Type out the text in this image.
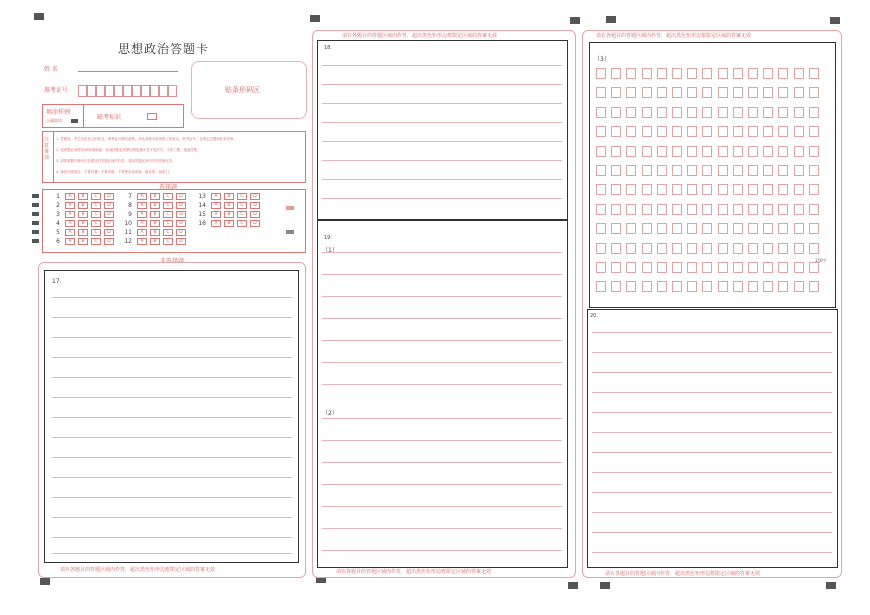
思想政治答题卡
姓 名
准考证号	贴条形码区
填涂样例
正确填涂	缺考标识
注意事项
1. 答题前，考生先将自己的姓名、准考证号填写清楚，并认真核对条形码上的姓名、准考证号，在规定位置贴好条形码。
2. 选择题必须使用2B铅笔填涂；非选择题必须使用黑色墨水签字笔书写，字体工整、笔迹清楚。
3. 请按照题号顺序在各题目的答题区域内作答，超出答题区域书写的答案无效。
4. 保持卡面清洁，不要折叠、不要弄破，不准使用涂改液、修正带、刮纸刀。
选择题
1 A B C D
2 A B C D
3 A B C D
4 A B C D
5 A B C D
6 A B C D
7 A B C D
8 A B C D
9 A B C D
10 A B C D
11 A B C D
12 A B C D
13 A B C D
14 A B C D
15 A B C D
16 A B C D
17.
请在各题目的答题区域内作答，超出黑色矩形边框限定区域的答案无效
请在各题目的答题区域内作答，超出黑色矩形边框限定区域的答案无效
18.
19.
（1）
（2）
请在各题目的答题区域内作答，超出黑色矩形边框限定区域的答案无效
请在各题目的答题区域内作答，超出黑色矩形边框限定区域的答案无效
（3）
150字
20.
请在各题目的答题区域内作答，超出黑色矩形边框限定区域的答案无效
